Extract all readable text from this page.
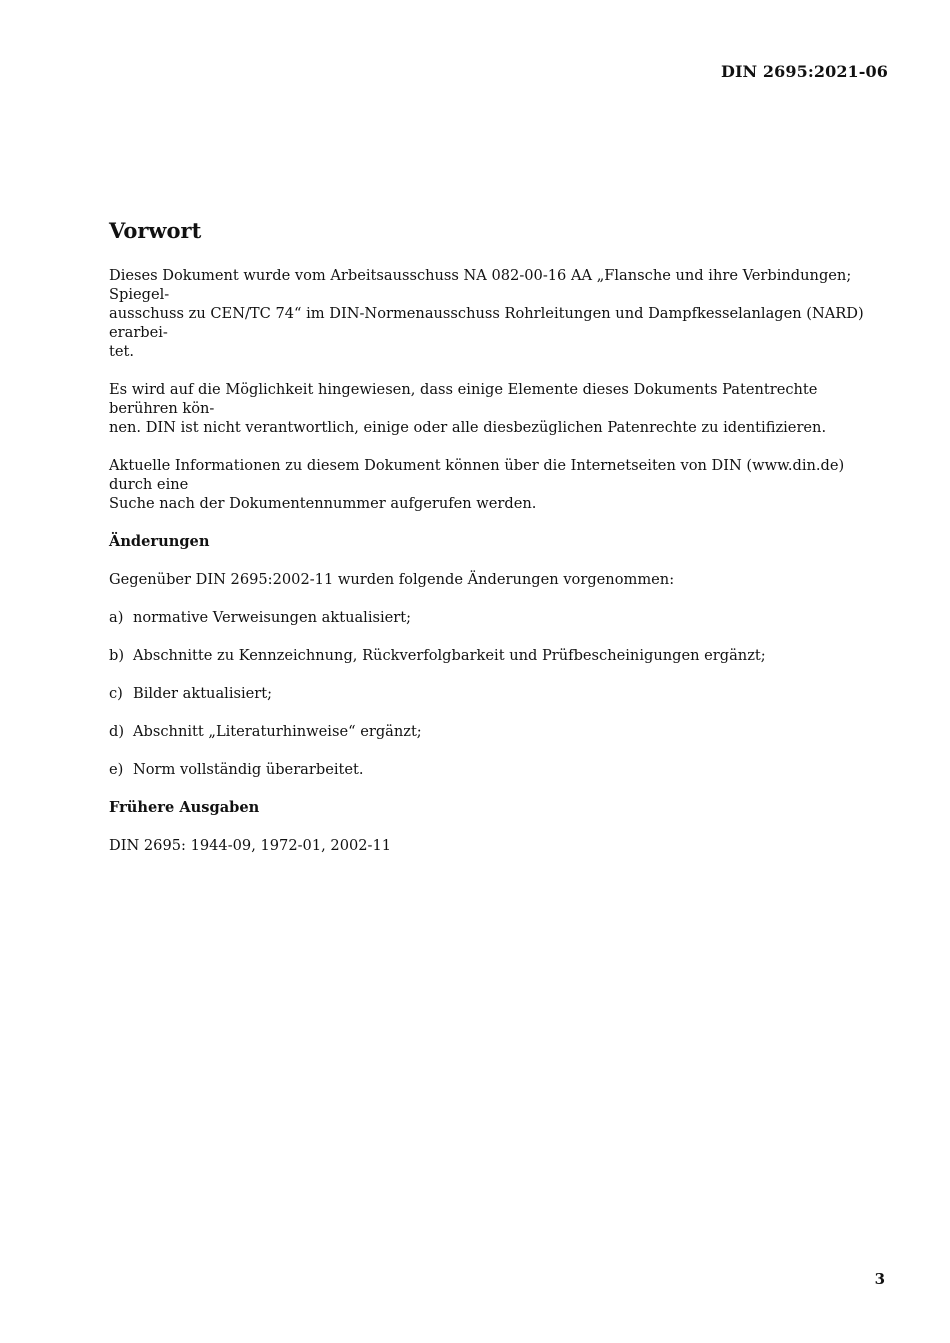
DIN 2695:2021-06
Vorwort

Dieses Dokument wurde vom Arbeitsausschuss NA 082-00-16 AA „Flansche und ihre Verbindungen; Spiegel-
ausschuss zu CEN/TC 74“ im DIN-Normenausschuss Rohrleitungen und Dampfkesselanlagen (NARD) erarbei-
tet.

Es wird auf die Möglichkeit hingewiesen, dass einige Elemente dieses Dokuments Patentrechte berühren kön-
nen. DIN ist nicht verantwortlich, einige oder alle diesbezüglichen Patenrechte zu identifizieren.

Aktuelle Informationen zu diesem Dokument können über die Internetseiten von DIN (www.din.de) durch eine
Suche nach der Dokumentennummer aufgerufen werden.

Änderungen

Gegenüber DIN 2695:2002-11 wurden folgende Änderungen vorgenommen:

a) normative Verweisungen aktualisiert;
b) Abschnitte zu Kennzeichnung, Rückverfolgbarkeit und Prüfbescheinigungen ergänzt;
c) Bilder aktualisiert;
d) Abschnitt „Literaturhinweise“ ergänzt;
e) Norm vollständig überarbeitet.
Frühere Ausgaben

DIN 2695: 1944-09, 1972-01, 2002-11

3
